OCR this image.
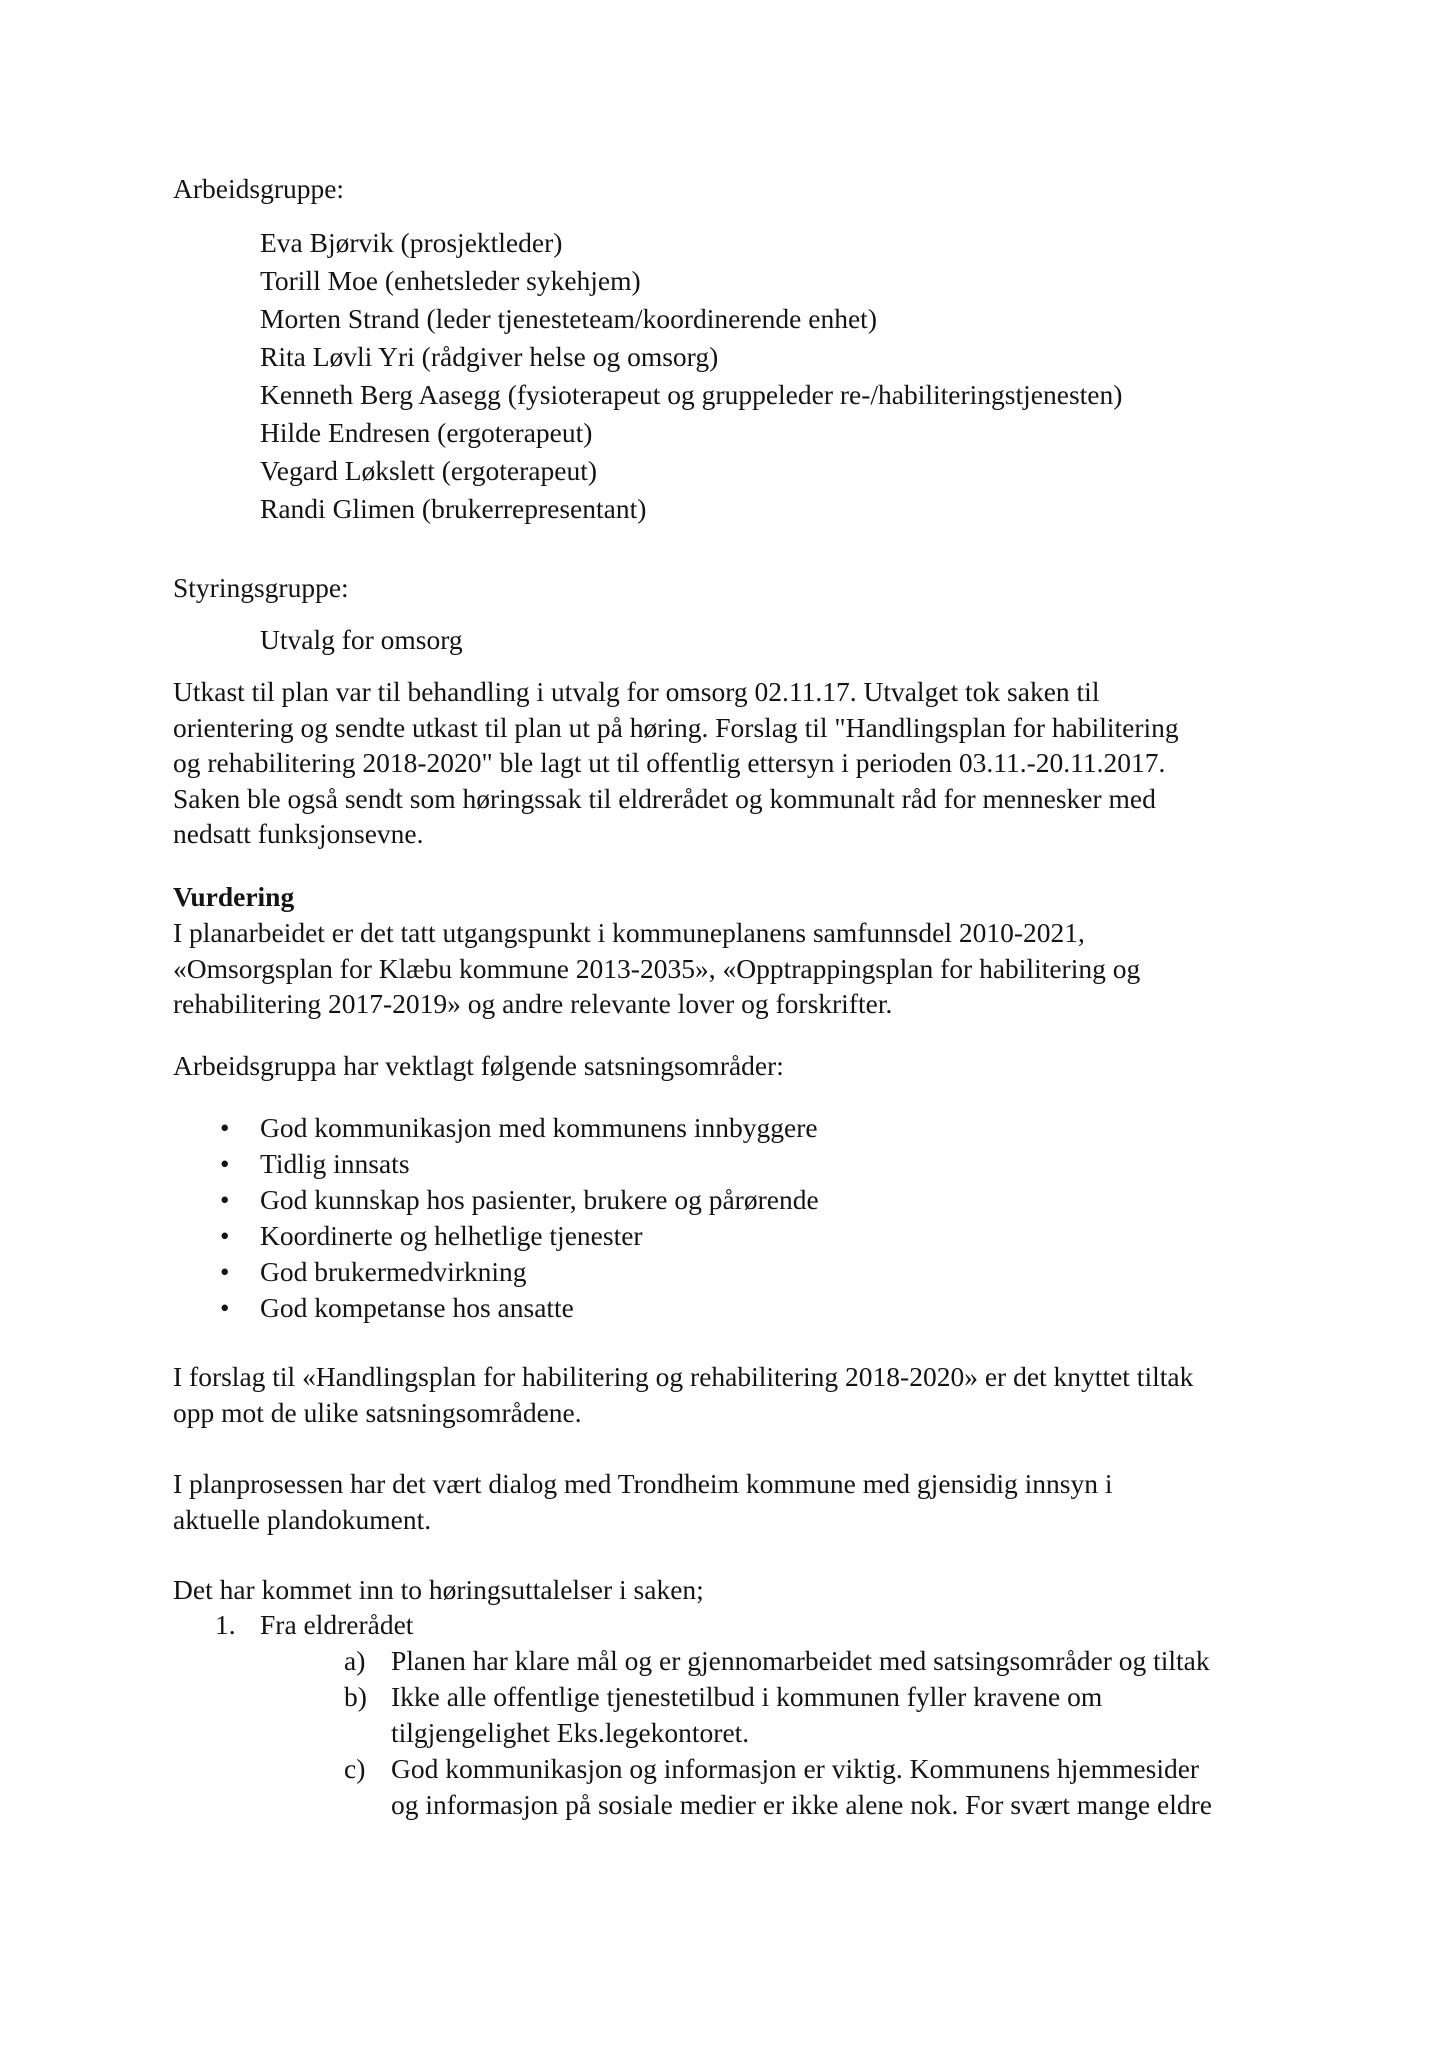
Arbeidsgruppe:
Eva Bjørvik (prosjektleder)
Torill Moe (enhetsleder sykehjem)
Morten Strand (leder tjenesteteam/koordinerende enhet)
Rita Løvli Yri (rådgiver helse og omsorg)
Kenneth Berg Aasegg (fysioterapeut og gruppeleder re-/habiliteringstjenesten)
Hilde Endresen (ergoterapeut)
Vegard Løkslett (ergoterapeut)
Randi Glimen (brukerrepresentant)
Styringsgruppe:
Utvalg for omsorg
Utkast til plan var til behandling i utvalg for omsorg 02.11.17. Utvalget tok saken til
orientering og sendte utkast til plan ut på høring. Forslag til "Handlingsplan for habilitering
og rehabilitering 2018-2020" ble lagt ut til offentlig ettersyn i perioden 03.11.-20.11.2017.
Saken ble også sendt som høringssak til eldrerådet og kommunalt råd for mennesker med
nedsatt funksjonsevne.
Vurdering
I planarbeidet er det tatt utgangspunkt i kommuneplanens samfunnsdel 2010-2021,
«Omsorgsplan for Klæbu kommune 2013-2035», «Opptrappingsplan for habilitering og
rehabilitering 2017-2019» og andre relevante lover og forskrifter.
Arbeidsgruppa har vektlagt følgende satsningsområder:
• God kommunikasjon med kommunens innbyggere
• Tidlig innsats
• God kunnskap hos pasienter, brukere og pårørende
• Koordinerte og helhetlige tjenester
• God brukermedvirkning
• God kompetanse hos ansatte
I forslag til «Handlingsplan for habilitering og rehabilitering 2018-2020» er det knyttet tiltak
opp mot de ulike satsningsområdene.
I planprosessen har det vært dialog med Trondheim kommune med gjensidig innsyn i
aktuelle plandokument.
Det har kommet inn to høringsuttalelser i saken;
1. Fra eldrerådet
a) Planen har klare mål og er gjennomarbeidet med satsingsområder og tiltak
b) Ikke alle offentlige tjenestetilbud i kommunen fyller kravene om
tilgjengelighet Eks.legekontoret.
c) God kommunikasjon og informasjon er viktig. Kommunens hjemmesider
og informasjon på sosiale medier er ikke alene nok. For svært mange eldre
